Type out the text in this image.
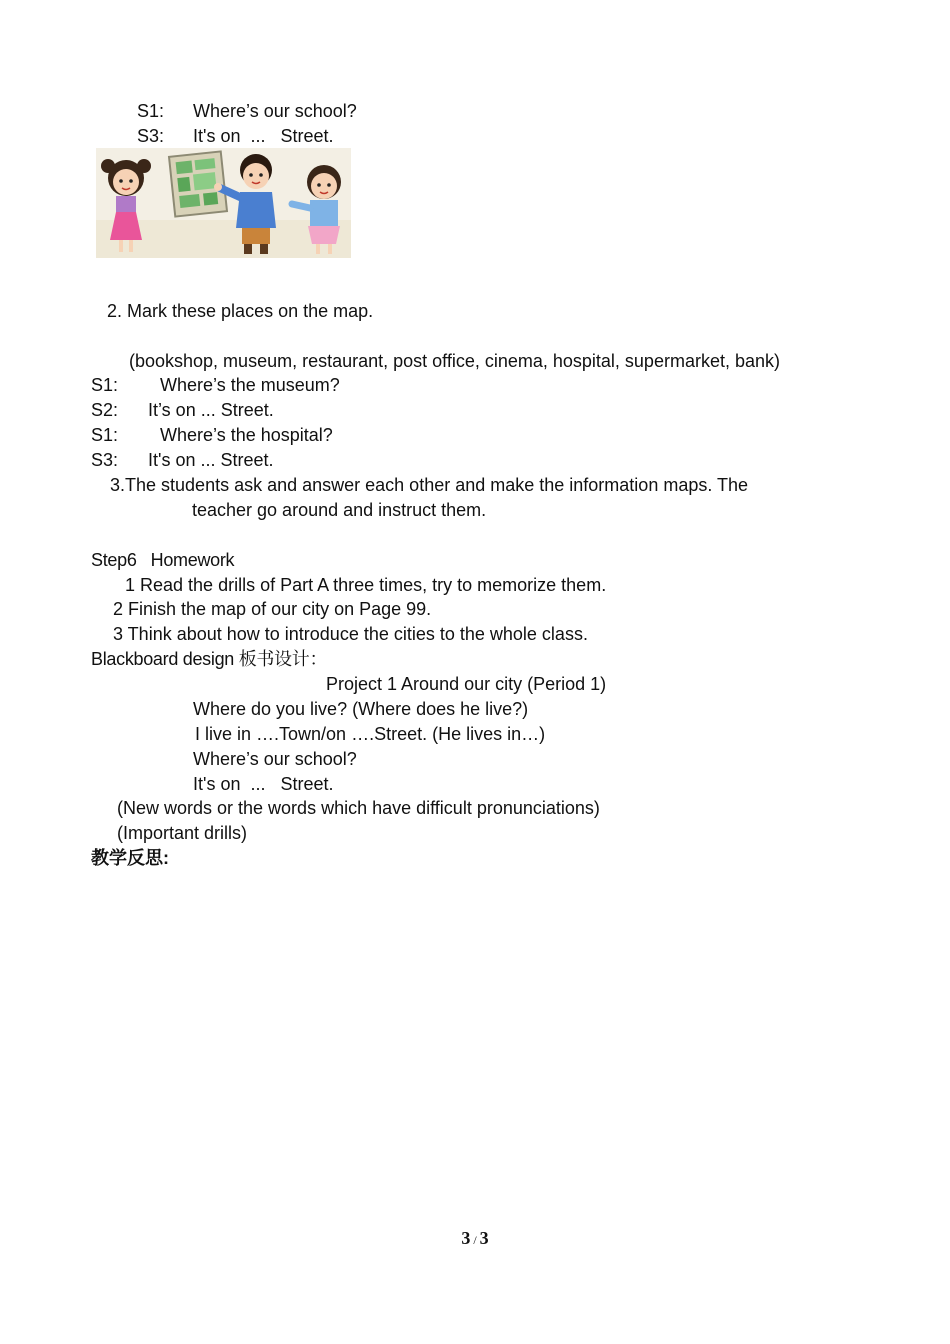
S1: Where’s our school?
S3: It's on  ...   Street.
2. Mark these places on the map.
(bookshop, museum, restaurant, post office, cinema, hospital, supermarket, bank)
S1: Where’s the museum?
S2: It’s on ... Street.
S1: Where’s the hospital?
S3: It's on ... Street.
3.The students ask and answer each other and make the information maps. The
teacher go around and instruct them.
Step6   Homework
1 Read the drills of Part A three times, try to memorize them.
2 Finish the map of our city on Page 99.
3 Think about how to introduce the cities to the whole class.
Blackboard design 板书设计：
Project 1 Around our city (Period 1)
Where do you live? (Where does he live?)
I live in ….Town/on ….Street. (He lives in…)
Where’s our school?
It's on  ...   Street.
(New words or the words which have difficult pronunciations)
(Important drills)
教学反思:
3 / 3
